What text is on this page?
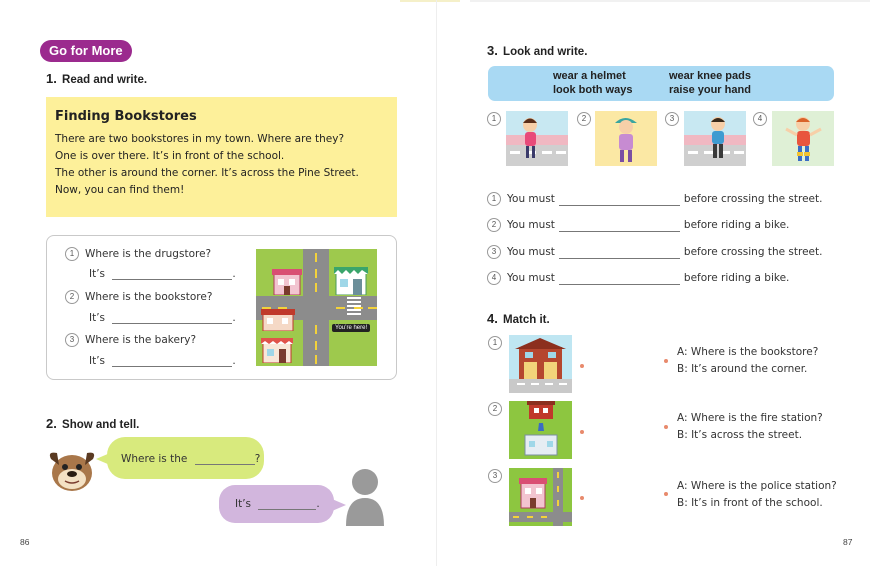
Go for More
1. Read and write.
Finding Bookstores

There are two bookstores in my town. Where are they?

One is over there. It’s in front of the school.

The other is around the corner. It’s across the Pine Street.

Now, you can find them!

1 Where is the drugstore?
It’s	.
2 Where is the bookstore?
It’s	.
3 Where is the bakery?
It’s	.
You’re here!
2. Show and tell.
Where is the	?
It’s	.
86
3. Look and write.
wear a helmet	wear knee pads
look both ways	raise your hand
1	2	3	4
1 You must	before crossing the street.
2 You must	before riding a bike.
3 You must	before crossing the street.
4 You must	before riding a bike.
4. Match it.
1
2
3
A: Where is the bookstore?
B: It’s around the corner.
A: Where is the fire station?
B: It’s across the street.
A: Where is the police station?
B: It’s in front of the school.
87
